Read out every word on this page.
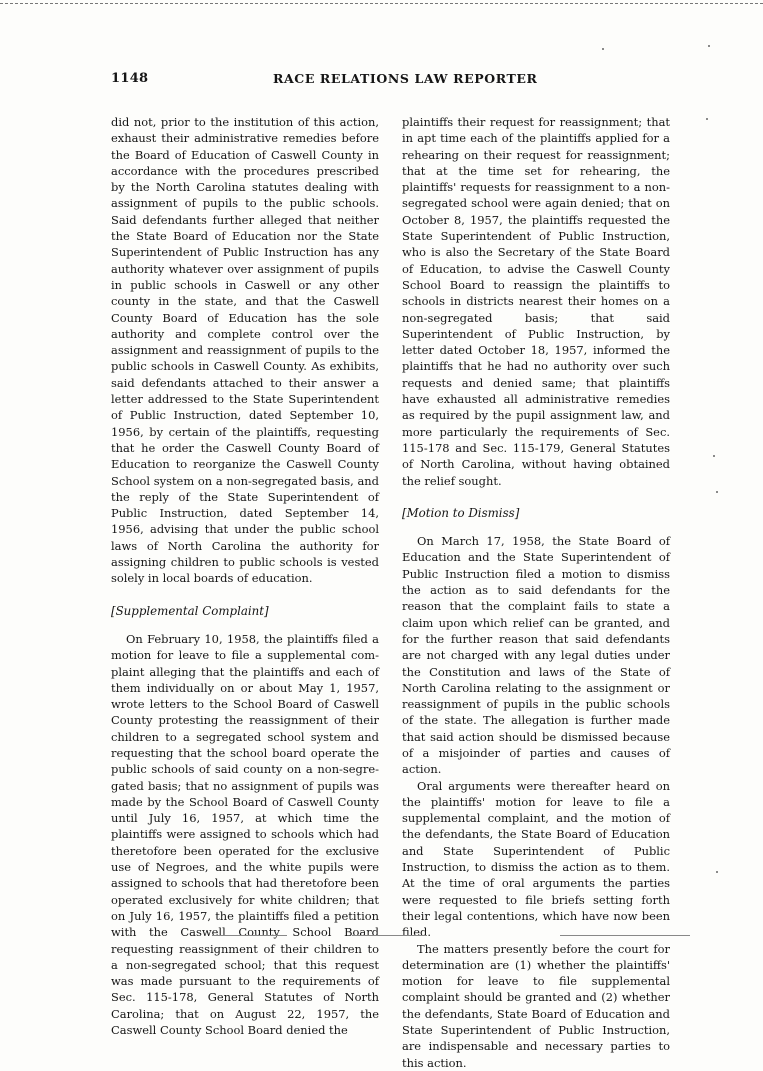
1148	RACE RELATIONS LAW REPORTER

did not, prior to the institution of this action, exhaust their administrative remedies before the Board of Education of Caswell County in accordance with the procedures prescribed by the North Carolina statutes dealing with assignment of pupils to the public schools. Said defendants further alleged that neither the State Board of Education nor the State Superintendent of Public Instruction has any authority whatever over assignment of pupils in public schools in Caswell or any other county in the state, and that the Caswell County Board of Education has the sole authority and complete control over the assignment and reassignment of pupils to the public schools in Caswell County. As exhibits, said defendants attached to their answer a letter addressed to the State Superintendent of Public Instruction, dated September 10, 1956, by certain of the plaintiffs, requesting that he order the Caswell County Board of Education to reorganize the Caswell County School system on a non-segregated basis, and the reply of the State Superintendent of Public Instruction, dated September 14, 1956, advising that under the public school laws of North Carolina the authority for assigning children to public schools is vested solely in local boards of education.

[Supplemental Complaint]

On February 10, 1958, the plaintiffs filed a motion for leave to file a supplemental complaint alleging that the plaintiffs and each of them individually on or about May 1, 1957, wrote letters to the School Board of Caswell County protesting the reassignment of their children to a segregated school system and requesting that the school board operate the public schools of said county on a non-segregated basis; that no assignment of pupils was made by the School Board of Caswell County until July 16, 1957, at which time the plaintiffs were assigned to schools which had theretofore been operated for the exclusive use of Negroes, and the white pupils were assigned to schools that had theretofore been operated exclusively for white children; that on July 16, 1957, the plaintiffs filed a petition with the Caswell County School Board requesting reassignment of their children to a non-segregated school; that this request was made pursuant to the requirements of Sec. 115-178, General Statutes of North Carolina; that on August 22, 1957, the Caswell County School Board denied the

plaintiffs their request for reassignment; that in apt time each of the plaintiffs applied for a rehearing on their request for reassignment; that at the time set for rehearing, the plaintiffs' requests for reassignment to a non-segregated school were again denied; that on October 8, 1957, the plaintiffs requested the State Superintendent of Public Instruction, who is also the Secretary of the State Board of Education, to advise the Caswell County School Board to reassign the plaintiffs to schools in districts nearest their homes on a non-segregated basis; that said Superintendent of Public Instruction, by letter dated October 18, 1957, informed the plaintiffs that he had no authority over such requests and denied same; that plaintiffs have exhausted all administrative remedies as required by the pupil assignment law, and more particularly the requirements of Sec. 115-178 and Sec. 115-179, General Statutes of North Carolina, without having obtained the relief sought.

[Motion to Dismiss]

On March 17, 1958, the State Board of Education and the State Superintendent of Public Instruction filed a motion to dismiss the action as to said defendants for the reason that the complaint fails to state a claim upon which relief can be granted, and for the further reason that said defendants are not charged with any legal duties under the Constitution and laws of the State of North Carolina relating to the assignment or reassignment of pupils in the public schools of the state. The allegation is further made that said action should be dismissed because of a misjoinder of parties and causes of action.

Oral arguments were thereafter heard on the plaintiffs' motion for leave to file a supplemental complaint, and the motion of the defendants, the State Board of Education and State Superintendent of Public Instruction, to dismiss the action as to them. At the time of oral arguments the parties were requested to file briefs setting forth their legal contentions, which have now been filed.

The matters presently before the court for determination are (1) whether the plaintiffs' motion for leave to file supplemental complaint should be granted and (2) whether the defendants, State Board of Education and State Superintendent of Public Instruction, are indispensable and necessary parties to this action.
